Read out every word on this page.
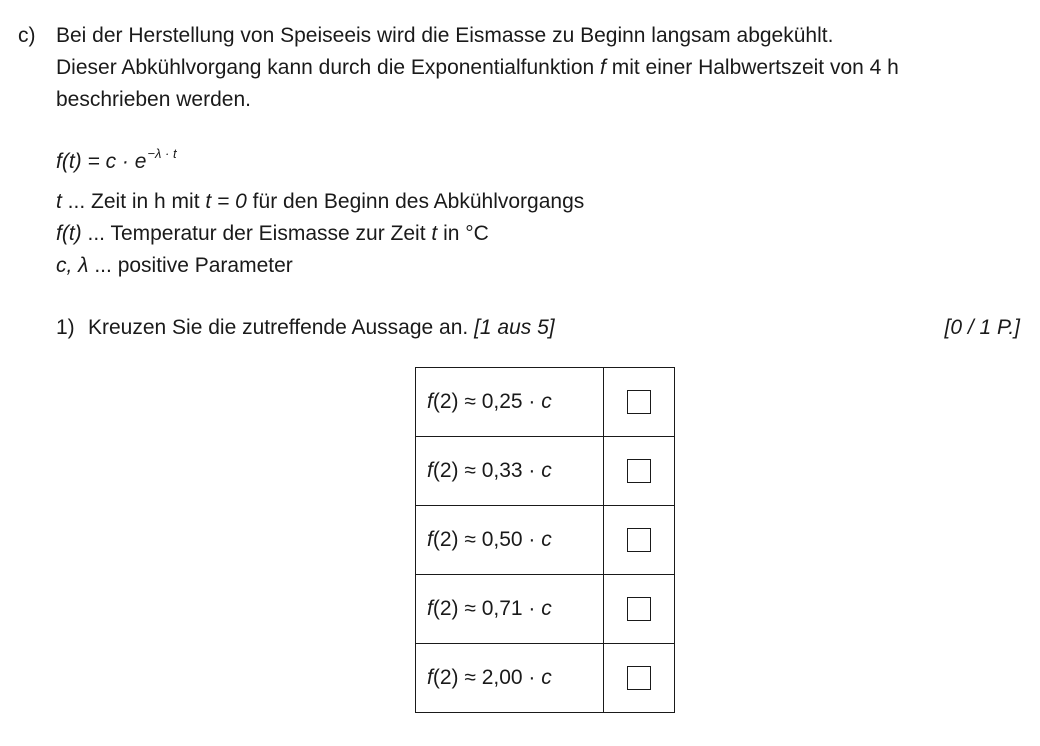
c) Bei der Herstellung von Speiseeis wird die Eismasse zu Beginn langsam abgekühlt.
Dieser Abkühlvorgang kann durch die Exponentialfunktion f mit einer Halbwertszeit von 4 h
beschrieben werden.
$f(t) = c \cdot e^{-\lambda \cdot t}$
t ... Zeit in h mit t = 0 für den Beginn des Abkühlvorgangs
f(t) ... Temperatur der Eismasse zur Zeit t in °C
c, λ ... positive Parameter
1) Kreuzen Sie die zutreffende Aussage an. [1 aus 5]	[0 / 1 P.]
f(2) ≈ 0,25 · c	
f(2) ≈ 0,33 · c	
f(2) ≈ 0,50 · c	
f(2) ≈ 0,71 · c	
f(2) ≈ 2,00 · c	
